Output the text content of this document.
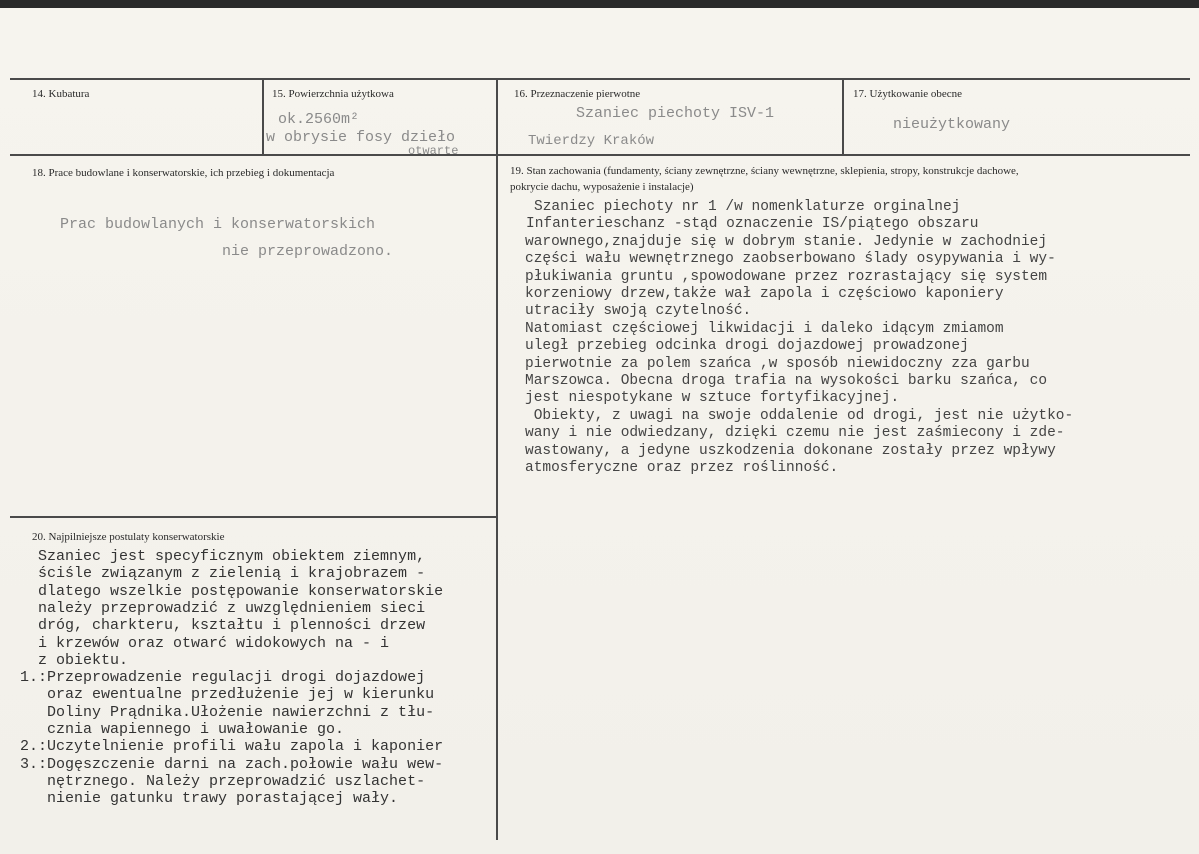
14. Kubatura	15. Powierzchnia użytkowa
ok.2560m²
w obrysie fosy dzieło
otwarte
16. Przeznaczenie pierwotne
Szaniec piechoty ISV-1
Twierdzy Kraków
17. Użytkowanie obecne
nieużytkowany
18. Prace budowlane i konserwatorskie, ich przebieg i dokumentacja
Prac budowlanych i konserwatorskich
nie przeprowadzono.
19. Stan zachowania (fundamenty, ściany zewnętrzne, ściany wewnętrzne, sklepienia, stropy, konstrukcje dachowe, pokrycie dachu, wyposażenie i instalacje)
Szaniec piechoty nr 1 /w nomenklaturze orginalnej
Infanterieschanz -stąd oznaczenie IS/piątego obszaru
warownego,znajduje się w dobrym stanie. Jedynie w zachodniej
części wału wewnętrznego zaobserbowano ślady osypywania i wy-
płukiwania gruntu ,spowodowane przez rozrastający się system
korzeniowy drzew,także wał zapola i częściowo kaponiery
utraciły swoją czytelność.
Natomiast częściowej likwidacji i daleko idącym zmiamom
uległ przebieg odcinka drogi dojazdowej prowadzonej
pierwotnie za polem szańca ,w sposób niewidoczny zza garbu
Marszowca. Obecna droga trafia na wysokości barku szańca, co
jest niespotykane w sztuce fortyfikacyjnej.
Obiekty, z uwagi na swoje oddalenie od drogi, jest nie użytko-
wany i nie odwiedzany, dzięki czemu nie jest zaśmiecony i zde-
wastowany, a jedyne uszkodzenia dokonane zostały przez wpływy
atmosferyczne oraz przez roślinność.
20. Najpilniejsze postulaty konserwatorskie
Szaniec jest specyficznym obiektem ziemnym,
ściśle związanym z zielenią i krajobrazem -
dlatego wszelkie postępowanie konserwatorskie
należy przeprowadzić z uwzględnieniem sieci
dróg, charkteru, kształtu i plenności drzew
i krzewów oraz otwarć widokowych na - i
z obiektu.
1.:Przeprowadzenie regulacji drogi dojazdowej
oraz ewentualne przedłużenie jej w kierunku
Doliny Prądnika.Ułożenie nawierzchni z tłu-
cznia wapiennego i uwałowanie go.
2.:Uczytelnienie profili wału zapola i kaponier
3.:Dogęszczenie darni na zach.połowie wału wew-
nętrznego. Należy przeprowadzić uszlachet-
nienie gatunku trawy porastającej wały.
